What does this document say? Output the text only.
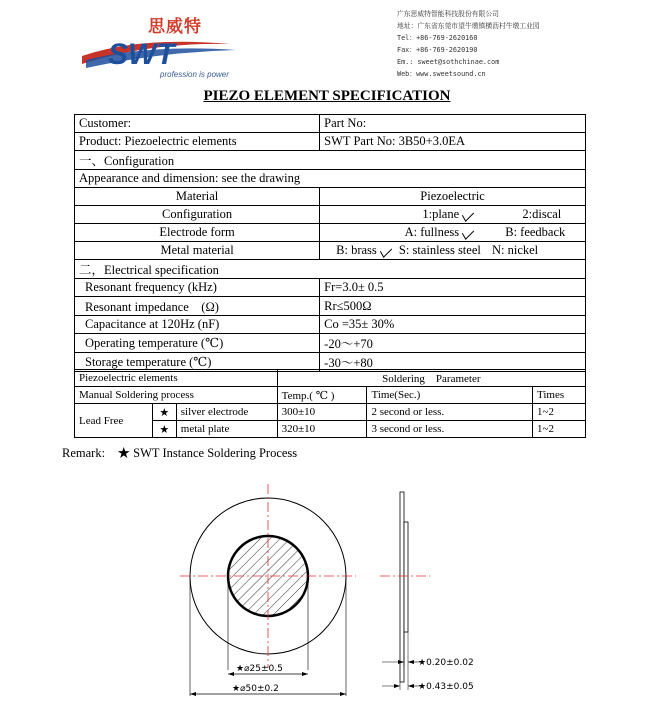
思威特
SWT
profession is power
广东思威特智能科技股份有限公司
地址：广东省东莞市望牛墩镇横沥村牛墩工业园
Tel：+86-769-2620160
Fax：+86-769-2620190
Em.: sweet@sothchinae.com
Web：www.sweetsound.cn
PIEZO ELEMENT SPECIFICATION
Customer:	Part No:
Product: Piezoelectric elements	SWT Part No: 3B50+3.0EA
一、Configuration	
Appearance and dimension: see the drawing	
Material	Piezoelectric
Configuration	1:plane 2:discal
Electrode form	A: fullness B: feedback
Metal material	B: brass S: stainless steel N: nickel
二，Electrical specification	
Resonant frequency (kHz)	Fr=3.0± 0.5
Resonant impedance　(Ω)	Rr≤500Ω
Capacitance at 120Hz (nF)	Co =35± 30%
Operating temperature (℃)	-20～+70
Storage temperature (℃)	-30～+80
Piezoelectric elements			Soldering　Parameter		
Manual Soldering process			Temp.( ℃ )	Time(Sec.)	Times
Lead Free	★	silver electrode	300±10	2 second or less.	1~2
	★	metal plate	320±10	3 second or less.	1~2
Remark:　★ SWT Instance Soldering Process
★⌀25±0.5
★⌀50±0.2
★0.20±0.02
★0.43±0.05
